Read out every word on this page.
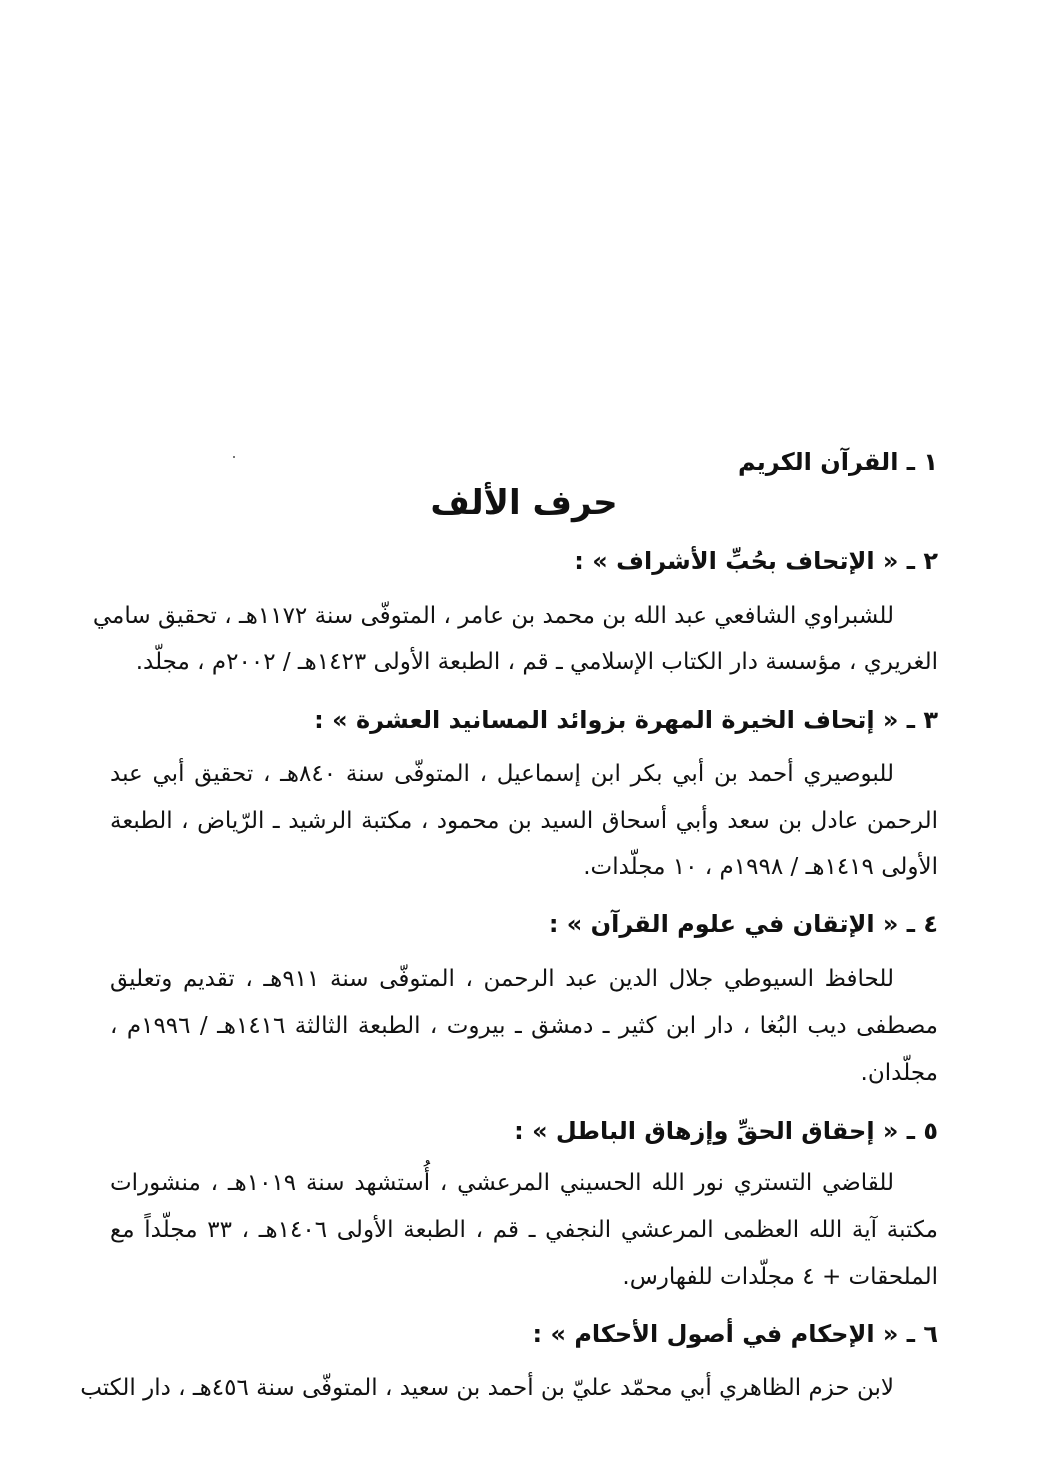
١ ـ القرآن الكريم
حرف الألف
٢ ـ « الإتحاف بحُبِّ الأشراف » :
للشبراوي الشافعي عبد الله بن محمد بن عامر ، المتوفّى سنة ١١٧٢هـ ، تحقيق سامي
الغريري ، مؤسسة دار الكتاب الإسلامي ـ قم ، الطبعة الأولى ١٤٢٣هـ / ٢٠٠٢م ، مجلّد.
٣ ـ « إتحاف الخيرة المهرة بزوائد المسانيد العشرة » :
للبوصيري أحمد بن أبي بكر ابن إسماعيل ، المتوفّى سنة ٨٤٠هـ ، تحقيق أبي عبد
الرحمن عادل بن سعد وأبي أسحاق السيد بن محمود ، مكتبة الرشيد ـ الرّياض ، الطبعة
الأولى ١٤١٩هـ / ١٩٩٨م ، ١٠ مجلّدات.
٤ ـ « الإتقان في علوم القرآن » :
للحافظ السيوطي جلال الدين عبد الرحمن ، المتوفّى سنة ٩١١هـ ، تقديم وتعليق
مصطفى ديب البُغا ، دار ابن كثير ـ دمشق ـ بيروت ، الطبعة الثالثة ١٤١٦هـ / ١٩٩٦م ،
مجلّدان.
٥ ـ « إحقاق الحقِّ وإزهاق الباطل » :
للقاضي التستري نور الله الحسيني المرعشي ، أُستشهد سنة ١٠١٩هـ ، منشورات
مكتبة آية الله العظمى المرعشي النجفي ـ قم ، الطبعة الأولى ١٤٠٦هـ ، ٣٣ مجلّداً مع
الملحقات + ٤ مجلّدات للفهارس.
٦ ـ « الإحكام في أصول الأحكام » :
لابن حزم الظاهري أبي محمّد عليّ بن أحمد بن سعيد ، المتوفّى سنة ٤٥٦هـ ، دار الكتب
